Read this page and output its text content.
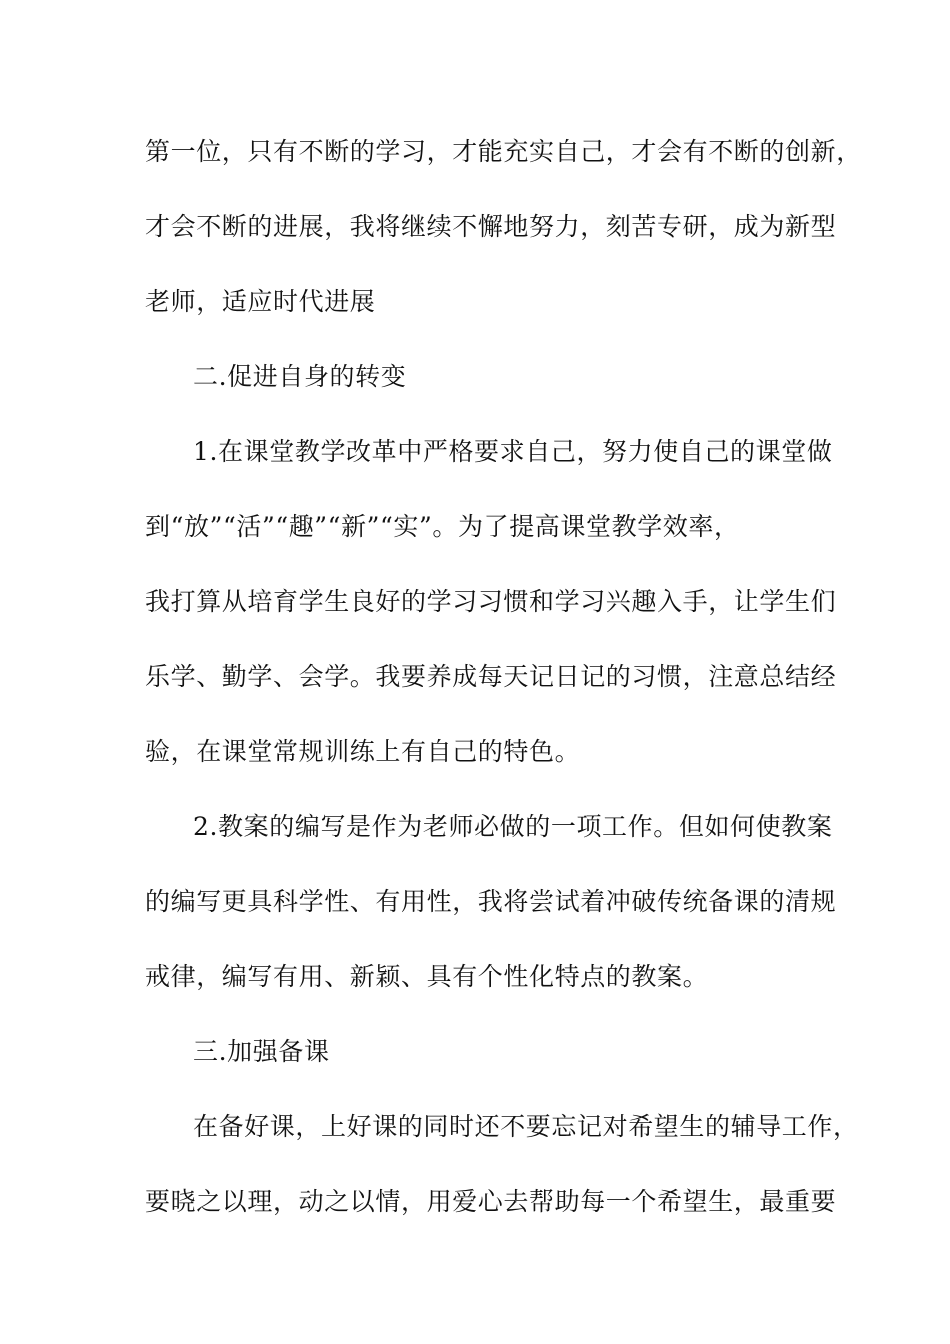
第一位，只有不断的学习，才能充实自己，才会有不断的创新，
才会不断的进展，我将继续不懈地努力，刻苦专研，成为新型
老师，适应时代进展
二.促进自身的转变
1.在课堂教学改革中严格要求自己，努力使自己的课堂做
到“放”“活”“趣”“新”“实”。为了提高课堂教学效率，
我打算从培育学生良好的学习习惯和学习兴趣入手，让学生们
乐学、勤学、会学。我要养成每天记日记的习惯，注意总结经
验，在课堂常规训练上有自己的特色。
2.教案的编写是作为老师必做的一项工作。但如何使教案
的编写更具科学性、有用性，我将尝试着冲破传统备课的清规
戒律，编写有用、新颖、具有个性化特点的教案。
三.加强备课
在备好课，上好课的同时还不要忘记对希望生的辅导工作，
要晓之以理，动之以情，用爱心去帮助每一个希望生，最重要
